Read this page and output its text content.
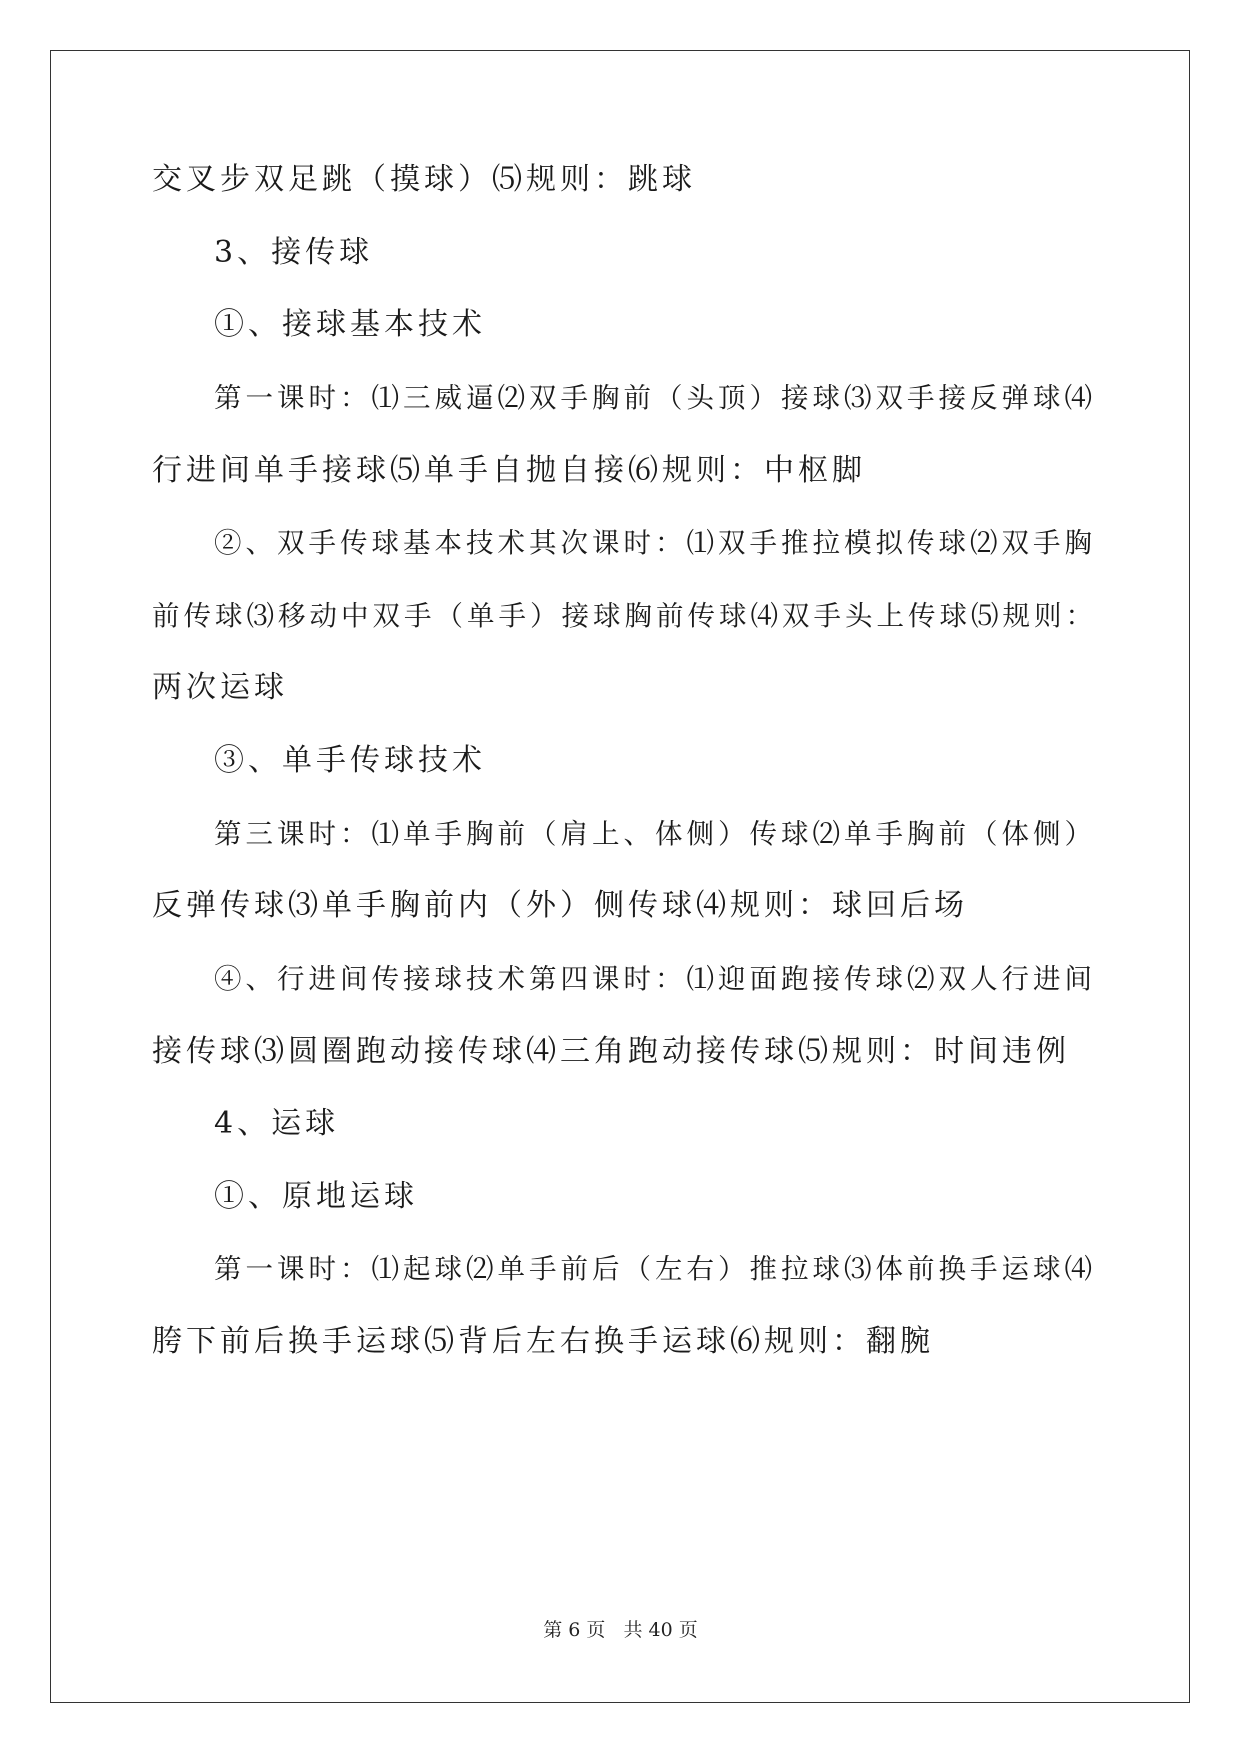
交叉步双足跳（摸球）⑸规则：跳球
3、接传球
①、接球基本技术
第一课时：⑴三威逼⑵双手胸前（头顶）接球⑶双手接反弹球⑷
行进间单手接球⑸单手自抛自接⑹规则：中枢脚
②、双手传球基本技术其次课时：⑴双手推拉模拟传球⑵双手胸
前传球⑶移动中双手（单手）接球胸前传球⑷双手头上传球⑸规则：
两次运球
③、单手传球技术
第三课时：⑴单手胸前（肩上、体侧）传球⑵单手胸前（体侧）
反弹传球⑶单手胸前内（外）侧传球⑷规则：球回后场
④、行进间传接球技术第四课时：⑴迎面跑接传球⑵双人行进间
接传球⑶圆圈跑动接传球⑷三角跑动接传球⑸规则：时间违例
4、运球
①、原地运球
第一课时：⑴起球⑵单手前后（左右）推拉球⑶体前换手运球⑷
胯下前后换手运球⑸背后左右换手运球⑹规则：翻腕
第 6 页 共 40 页
